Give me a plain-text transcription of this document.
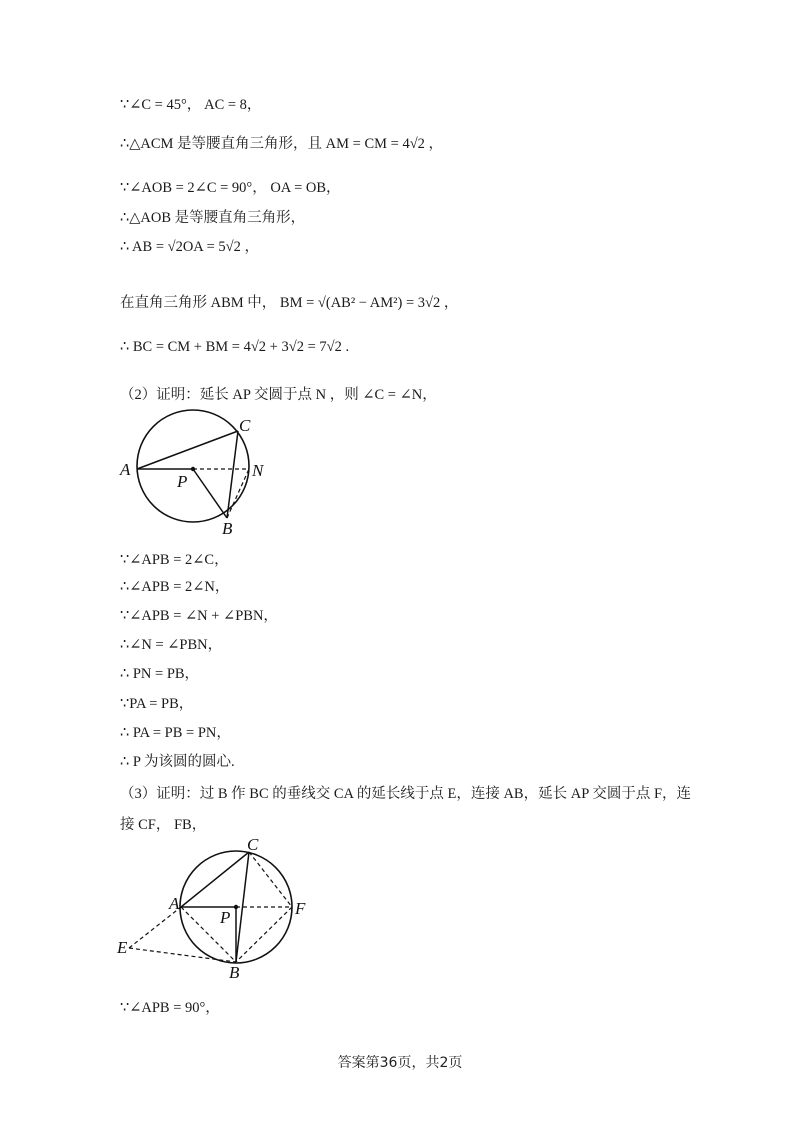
∵∠C = 45°， AC = 8，
∴△ACM 是等腰直角三角形，且 AM = CM = 4√2 ，
∵∠AOB = 2∠C = 90°， OA = OB，
∴△AOB 是等腰直角三角形，
∴ AB = √2OA = 5√2 ，
在直角三角形 ABM 中， BM = √(AB² − AM²) = 3√2 ，
∴ BC = CM + BM = 4√2 + 3√2 = 7√2 .
（2）证明：延长 AP 交圆于点 N ，则 ∠C = ∠N，
A
C
P
N
B
∵∠APB = 2∠C，
∴∠APB = 2∠N，
∵∠APB = ∠N + ∠PBN，
∴∠N = ∠PBN，
∴ PN = PB，
∵PA = PB，
∴ PA = PB = PN，
∴ P 为该圆的圆心.
（3）证明：过 B 作 BC 的垂线交 CA 的延长线于点 E，连接 AB，延长 AP 交圆于点 F，连
接 CF， FB，
C
A
P	F
E
B
∵∠APB = 90°，
答案第36页，共2页
